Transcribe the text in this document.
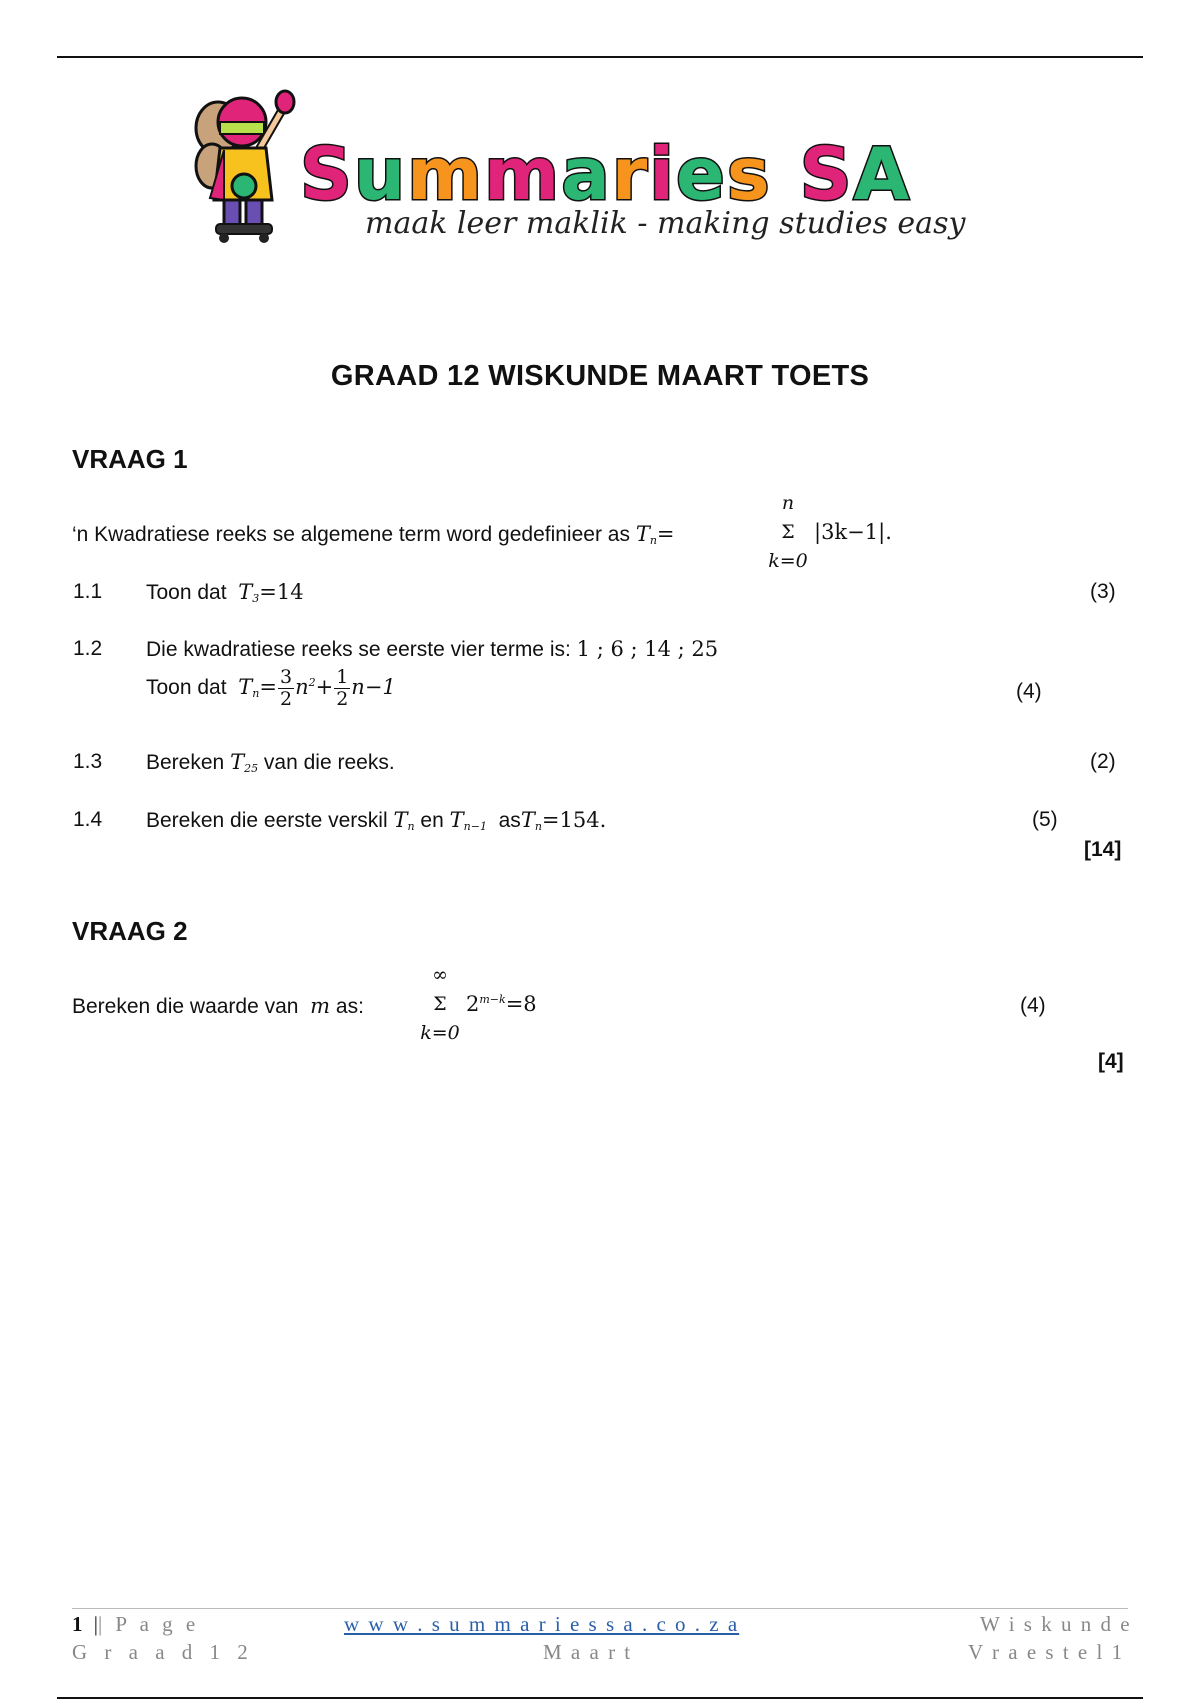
Summaries SA
maak leer maklik - making studies easy
GRAAD 12 WISKUNDE MAART TOETS
VRAAG 1
‘n Kwadratiese reeks se algemene term word gedefinieer as $T_n=$
n
Σ
k=0
|3k−1|.
1.1 Toon dat $T_3=14$	(3)
1.2 Die kwadratiese reeks se eerste vier terme is: 1 ; 6 ; 14 ; 25
Toon dat $T_n= \frac{3}{2} n^2+ \frac{1}{2} n-1$	(4)
1.3 Bereken $T_{25}$ van die reeks.	(2)
1.4 Bereken die eerste verskil $T_n$ en $T_{n-1}$ asT$_n$=154.	(5)
[14]
VRAAG 2
Bereken die waarde van m as:
∞
Σ
k=0
$2^{m-k}=8$	(4)
[4]
1 || P a g e
G r a a d 1 2
w w w . s u m m a r i e s s a . c o . z a
M a a r t
W i s k u n d e
V r a e s t e l 1
